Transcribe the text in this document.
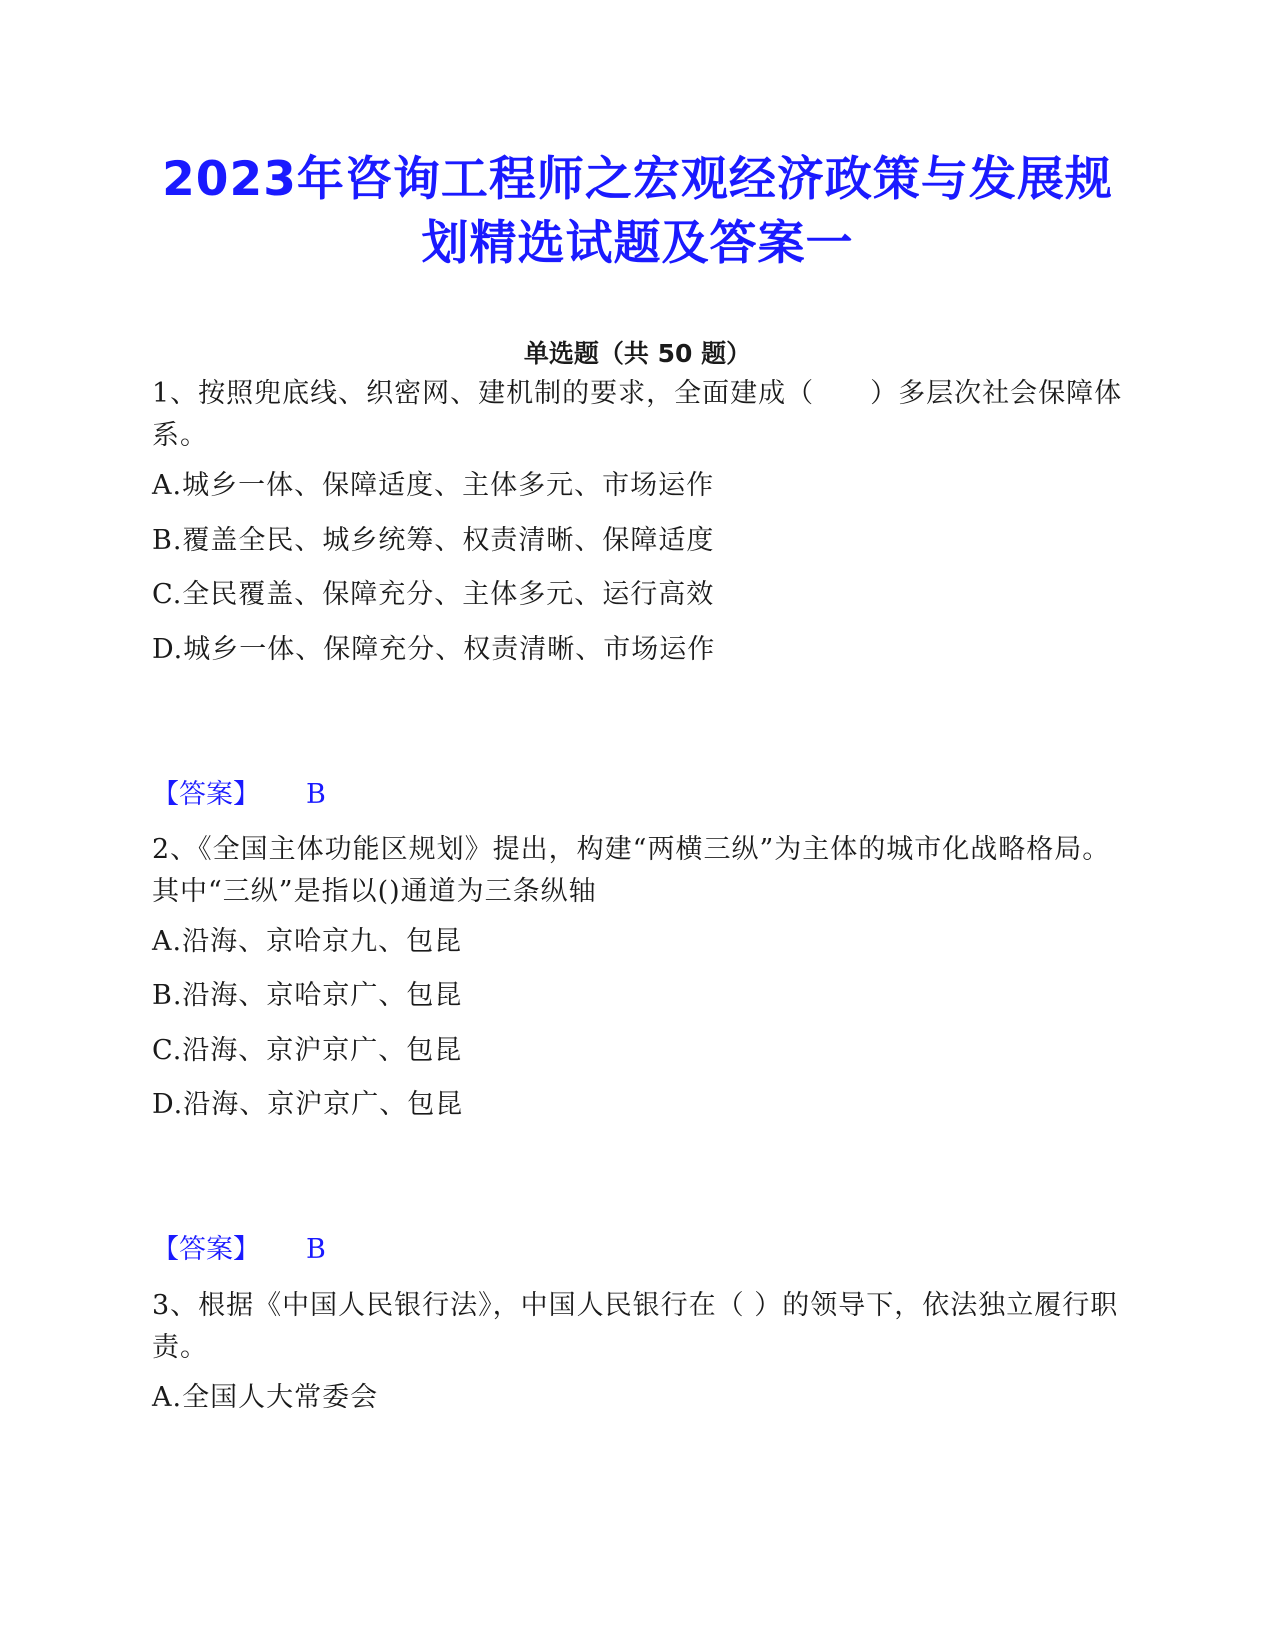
2023年咨询工程师之宏观经济政策与发展规划精选试题及答案一
单选题（共 50 题）
1、按照兜底线、织密网、建机制的要求，全面建成（　　）多层次社会保障体系。
A.城乡一体、保障适度、主体多元、市场运作
B.覆盖全民、城乡统筹、权责清晰、保障适度
C.全民覆盖、保障充分、主体多元、运行高效
D.城乡一体、保障充分、权责清晰、市场运作
【答案】 B
2、《全国主体功能区规划》提出，构建“两横三纵”为主体的城市化战略格局。其中“三纵”是指以()通道为三条纵轴
A.沿海、京哈京九、包昆
B.沿海、京哈京广、包昆
C.沿海、京沪京广、包昆
D.沿海、京沪京广、包昆
【答案】 B
3、根据《中国人民银行法》，中国人民银行在（ ）的领导下，依法独立履行职责。
A.全国人大常委会
